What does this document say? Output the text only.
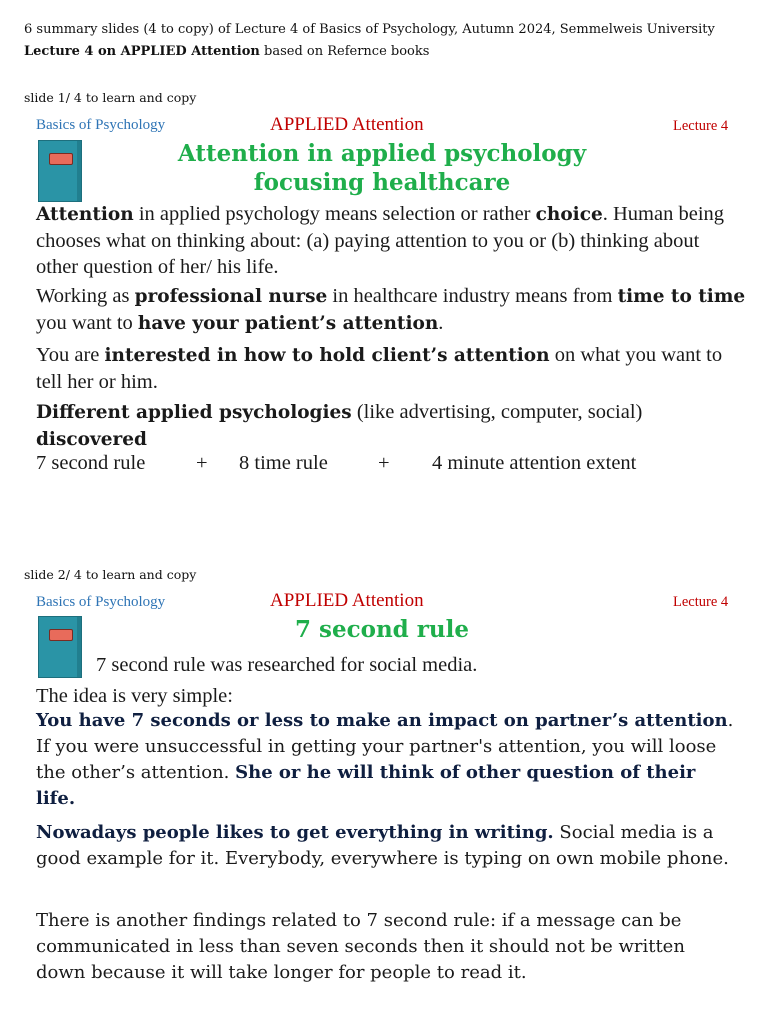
6 summary slides (4 to copy) of Lecture 4 of Basics of Psychology, Autumn 2024, Semmelweis University
Lecture 4 on APPLIED Attention based on Refernce books
slide 1/ 4 to learn and copy
Basics of Psychology	APPLIED Attention	Lecture 4
Attention in applied psychology
focusing healthcare
Attention in applied psychology means selection or rather choice. Human being chooses what on thinking about: (a) paying attention to you or (b) thinking about other question of her/ his life.
Working as professional nurse in healthcare industry means from time to time you want to have your patient’s attention.
You are interested in how to hold client’s attention on what you want to tell her or him.
Different applied psychologies (like advertising, computer, social)
discovered
7 second rule + 8 time rule + 4 minute attention extent
slide 2/ 4 to learn and copy
Basics of Psychology	APPLIED Attention	Lecture 4
7 second rule
7 second rule was researched for social media.
The idea is very simple:
You have 7 seconds or less to make an impact on partner’s attention. If you were unsuccessful in getting your partner's attention, you will loose the other’s attention. She or he will think of other question of their life.
Nowadays people likes to get everything in writing. Social media is a good example for it. Everybody, everywhere is typing on own mobile phone.
There is another findings related to 7 second rule: if a message can be communicated in less than seven seconds then it should not be written down because it will take longer for people to read it.
